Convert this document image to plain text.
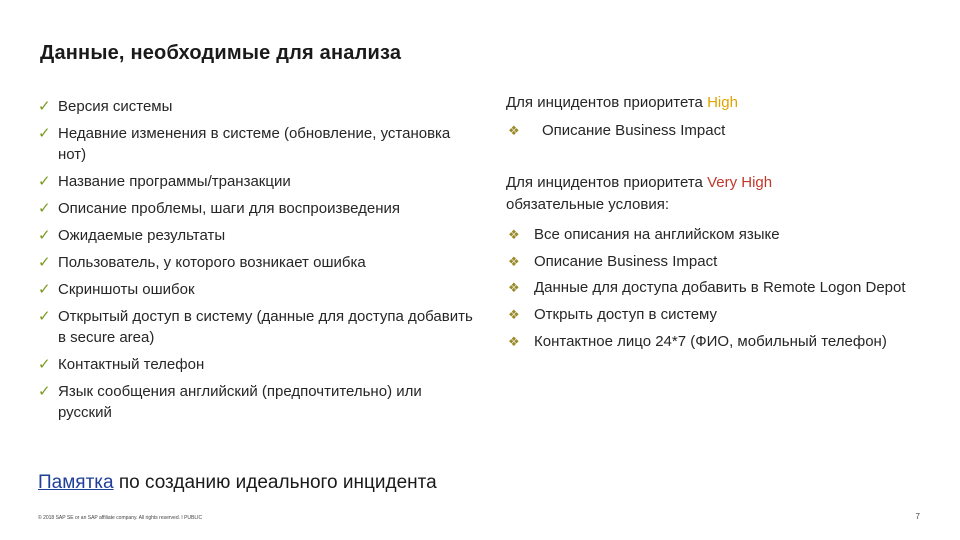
Данные, необходимые для анализа
✓ Версия системы
✓ Недавние изменения в системе (обновление, установка нот)
✓ Название программы/транзакции
✓ Описание проблемы, шаги для воспроизведения
✓ Ожидаемые результаты
✓ Пользователь, у которого возникает ошибка
✓ Скриншоты ошибок
✓ Открытый доступ в систему (данные для доступа добавить в secure area)
✓ Контактный телефон
✓ Язык сообщения английский (предпочтительно) или русский
Для инцидентов приоритета High
❖ Описание Business Impact
Для инцидентов приоритета Very High
обязательные условия:
❖ Все описания на английском языке
❖ Описание Business Impact
❖ Данные для доступа добавить в Remote Logon Depot
❖ Открыть доступ в систему
❖ Контактное лицо 24*7 (ФИО, мобильный телефон)
Памятка по созданию идеального инцидента
© 2018 SAP SE or an SAP affiliate company. All rights reserved. ǀ PUBLIC	7
